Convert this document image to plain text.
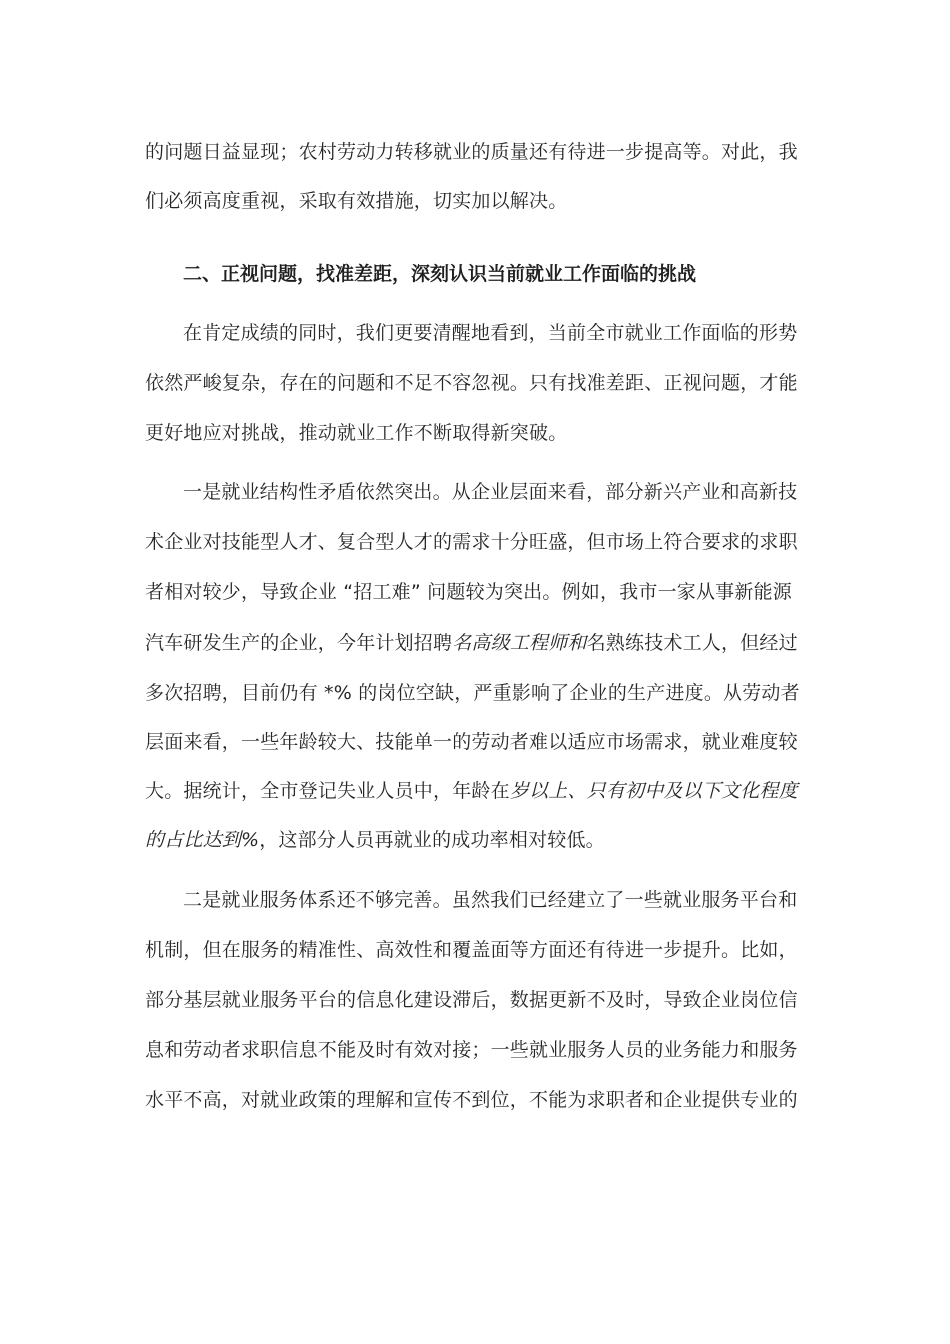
的问题日益显现；农村劳动力转移就业的质量还有待进一步提高等。对此，我
们必须高度重视，采取有效措施，切实加以解决。
二、正视问题，找准差距，深刻认识当前就业工作面临的挑战
在肯定成绩的同时，我们更要清醒地看到，当前全市就业工作面临的形势
依然严峻复杂，存在的问题和不足不容忽视。只有找准差距、正视问题，才能
更好地应对挑战，推动就业工作不断取得新突破。
一是就业结构性矛盾依然突出。从企业层面来看，部分新兴产业和高新技
术企业对技能型人才、复合型人才的需求十分旺盛，但市场上符合要求的求职
者相对较少，导致企业 “招工难” 问题较为突出。例如，我市一家从事新能源
汽车研发生产的企业，今年计划招聘名高级工程师和名熟练技术工人，但经过
多次招聘，目前仍有 *% 的岗位空缺，严重影响了企业的生产进度。从劳动者
层面来看，一些年龄较大、技能单一的劳动者难以适应市场需求，就业难度较
大。据统计，全市登记失业人员中，年龄在岁以上、只有初中及以下文化程度
的占比达到%，这部分人员再就业的成功率相对较低。
二是就业服务体系还不够完善。虽然我们已经建立了一些就业服务平台和
机制，但在服务的精准性、高效性和覆盖面等方面还有待进一步提升。比如，
部分基层就业服务平台的信息化建设滞后，数据更新不及时，导致企业岗位信
息和劳动者求职信息不能及时有效对接；一些就业服务人员的业务能力和服务
水平不高，对就业政策的理解和宣传不到位，不能为求职者和企业提供专业的
